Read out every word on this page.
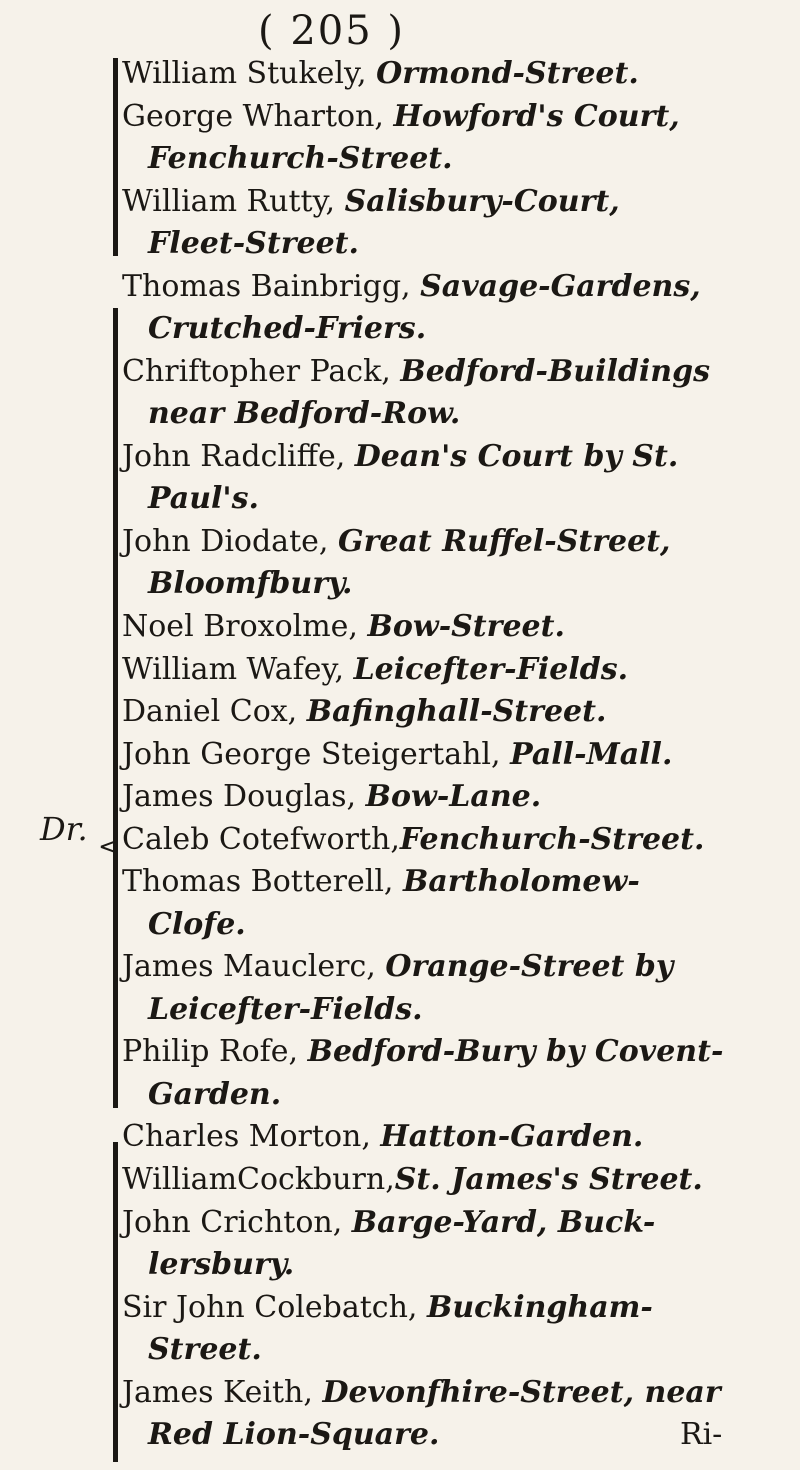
( 205 )
<
Dr.
William Stukely, Ormond-Street.
George Wharton, Howford's Court,
Fenchurch-Street.
William Rutty, Salisbury-Court,
Fleet-Street.
Thomas Bainbrigg, Savage-Gardens,
Crutched-Friers.
Chriftopher Pack, Bedford-Buildings
near Bedford-Row.
John Radcliffe, Dean's Court by St.
Paul's.
John Diodate, Great Ruffel-Street,
Bloomfbury.
Noel Broxolme, Bow-Street.
William Wafey, Leicefter-Fields.
Daniel Cox, Bafinghall-Street.
John George Steigertahl, Pall-Mall.
James Douglas, Bow-Lane.
Caleb Cotefworth,Fenchurch-Street.
Thomas Botterell, Bartholomew-
Clofe.
James Mauclerc, Orange-Street by
Leicefter-Fields.
Philip Rofe, Bedford-Bury by Covent-
Garden.
Charles Morton, Hatton-Garden.
WilliamCockburn,St. James's Street.
John Crichton, Barge-Yard, Buck-
lersbury.
Sir John Colebatch, Buckingham-
Street.
James Keith, Devonfhire-Street, near
Red Lion-Square.	Ri-
